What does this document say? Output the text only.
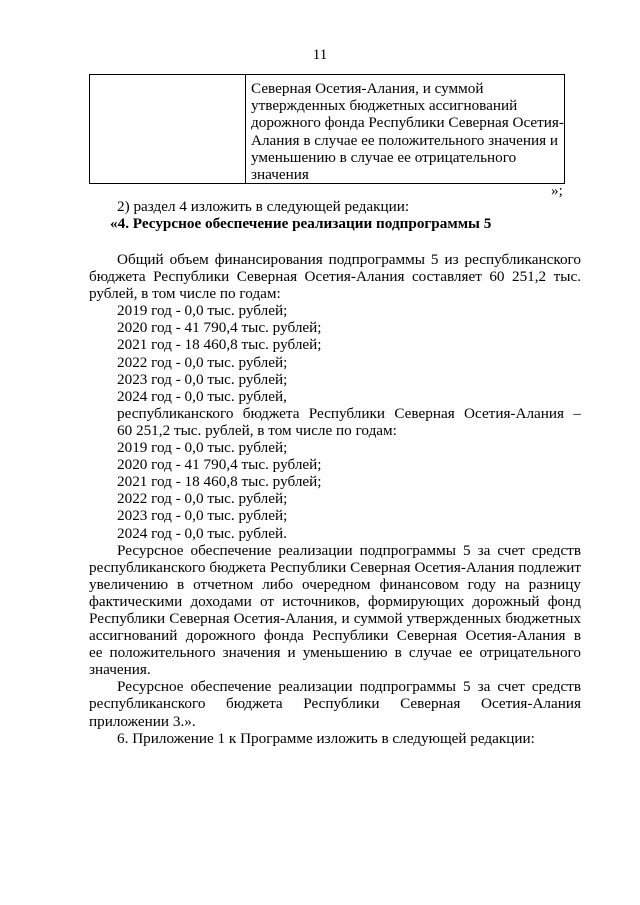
11

Северная Осетия-Алания, и суммой
утвержденных бюджетных ассигнований
дорожного фонда Республики Северная Осетия-
Алания в случае ее положительного значения и
уменьшению в случае ее отрицательного
значения
»;
2) раздел 4 изложить в следующей редакции:
«4. Ресурсное обеспечение реализации подпрограммы 5
Общий объем финансирования подпрограммы 5 из республиканского
бюджета Республики Северная Осетия-Алания составляет 60 251,2 тыс.
рублей, в том числе по годам:
2019 год - 0,0 тыс. рублей;
2020 год - 41 790,4 тыс. рублей;
2021 год - 18 460,8 тыс. рублей;
2022 год - 0,0 тыс. рублей;
2023 год - 0,0 тыс. рублей;
2024 год - 0,0 тыс. рублей,
республиканского бюджета Республики Северная Осетия-Алания –
60 251,2 тыс. рублей, в том числе по годам:
2019 год - 0,0 тыс. рублей;
2020 год - 41 790,4 тыс. рублей;
2021 год - 18 460,8 тыс. рублей;
2022 год - 0,0 тыс. рублей;
2023 год - 0,0 тыс. рублей;
2024 год - 0,0 тыс. рублей.
Ресурсное обеспечение реализации подпрограммы 5 за счет средств
республиканского бюджета Республики Северная Осетия-Алания подлежит
увеличению в отчетном либо очередном финансовом году на разницу
фактическими доходами от источников, формирующих дорожный фонд
Республики Северная Осетия-Алания, и суммой утвержденных бюджетных
ассигнований дорожного фонда Республики Северная Осетия-Алания в
ее положительного значения и уменьшению в случае ее отрицательного
значения.
Ресурсное обеспечение реализации подпрограммы 5 за счет средств
республиканского бюджета Республики Северная Осетия-Алания
приложении 3.».
6. Приложение 1 к Программе изложить в следующей редакции:
